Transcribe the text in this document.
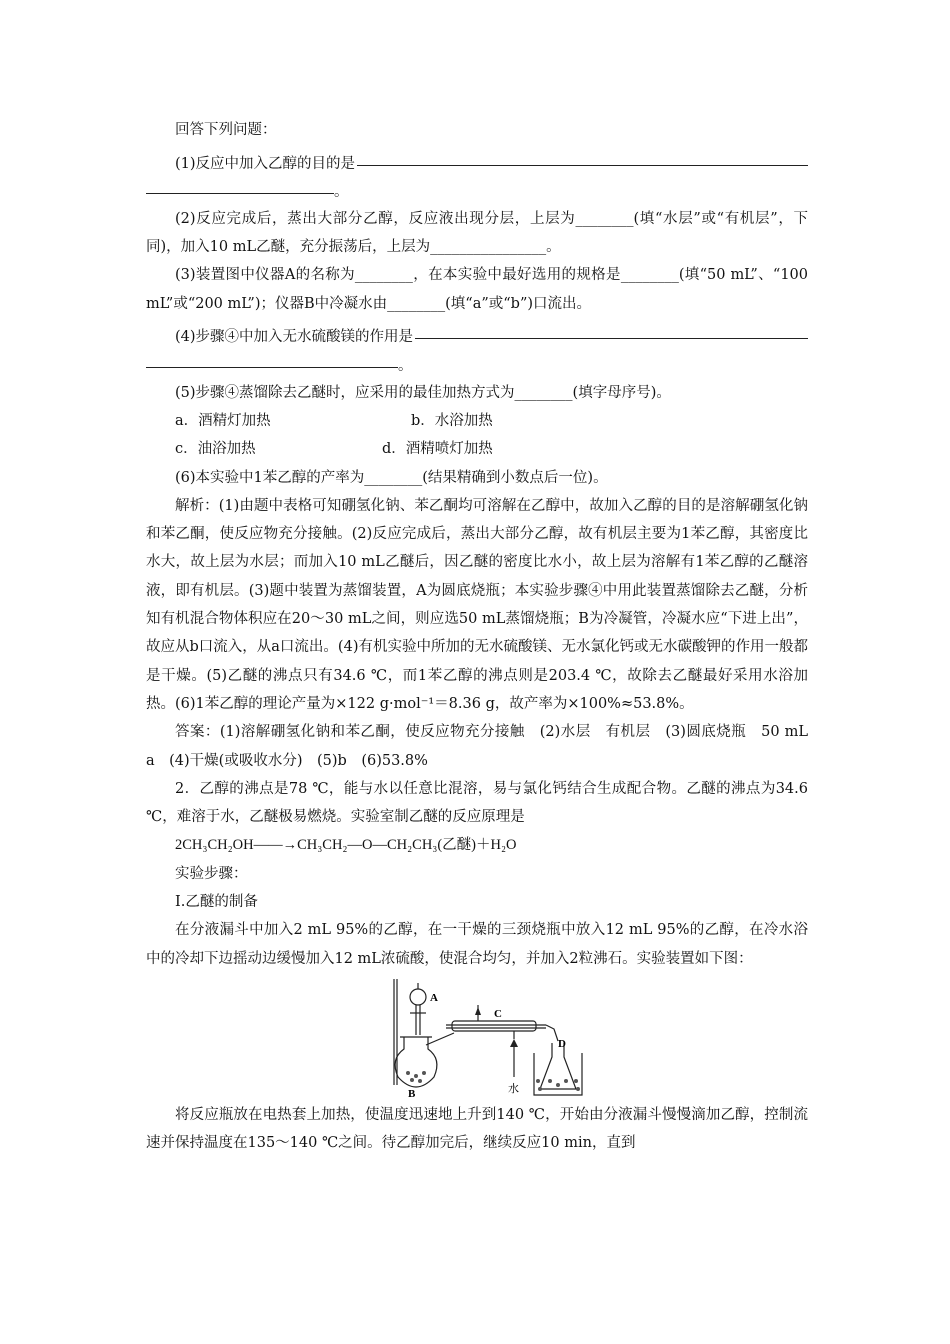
回答下列问题：

(1)反应中加入乙醇的目的是
。

(2)反应完成后，蒸出大部分乙醇，反应液出现分层，上层为________(填“水层”或“有机层”，下同)，加入10 mL乙醚，充分振荡后，上层为________________。

(3)装置图中仪器A的名称为________，在本实验中最好选用的规格是________(填“50 mL”、“100 mL”或“200 mL”)；仪器B中冷凝水由________(填“a”或“b”)口流出。

(4)步骤④中加入无水硫酸镁的作用是
。

(5)步骤④蒸馏除去乙醚时，应采用的最佳加热方式为________(填字母序号)。

a．酒精灯加热	b．水浴加热
c．油浴加热	d．酒精喷灯加热

(6)本实验中1苯乙醇的产率为________(结果精确到小数点后一位)。

解析：(1)由题中表格可知硼氢化钠、苯乙酮均可溶解在乙醇中，故加入乙醇的目的是溶解硼氢化钠和苯乙酮，使反应物充分接触。(2)反应完成后，蒸出大部分乙醇，故有机层主要为1苯乙醇，其密度比水大，故上层为水层；而加入10 mL乙醚后，因乙醚的密度比水小，故上层为溶解有1苯乙醇的乙醚溶液，即有机层。(3)题中装置为蒸馏装置，A为圆底烧瓶；本实验步骤④中用此装置蒸馏除去乙醚，分析知有机混合物体积应在20～30 mL之间，则应选50 mL蒸馏烧瓶；B为冷凝管，冷凝水应“下进上出”，故应从b口流入，从a口流出。(4)有机实验中所加的无水硫酸镁、无水氯化钙或无水碳酸钾的作用一般都是干燥。(5)乙醚的沸点只有34.6 ℃，而1苯乙醇的沸点则是203.4 ℃，故除去乙醚最好采用水浴加热。(6)1苯乙醇的理论产量为×122 g·mol⁻¹＝8.36 g，故产率为×100%≈53.8%。

答案：(1)溶解硼氢化钠和苯乙酮，使反应物充分接触　(2)水层　有机层　(3)圆底烧瓶　50 mL　a　(4)干燥(或吸收水分)　(5)b　(6)53.8%

2．乙醇的沸点是78 ℃，能与水以任意比混溶，易与氯化钙结合生成配合物。乙醚的沸点为34.6 ℃，难溶于水，乙醚极易燃烧。实验室制乙醚的反应原理是

2CH₃CH₂OH――→CH₃CH₂—O—CH₂CH₃(乙醚)＋H₂O

实验步骤：

Ⅰ.乙醚的制备

在分液漏斗中加入2 mL 95%的乙醇，在一干燥的三颈烧瓶中放入12 mL 95%的乙醇，在冷水浴中的冷却下边摇动边缓慢加入12 mL浓硫酸，使混合均匀，并加入2粒沸石。实验装置如下图：

A
B
C
D
水

将反应瓶放在电热套上加热，使温度迅速地上升到140 ℃，开始由分液漏斗慢慢滴加乙醇，控制流速并保持温度在135～140 ℃之间。待乙醇加完后，继续反应10 min，直到
